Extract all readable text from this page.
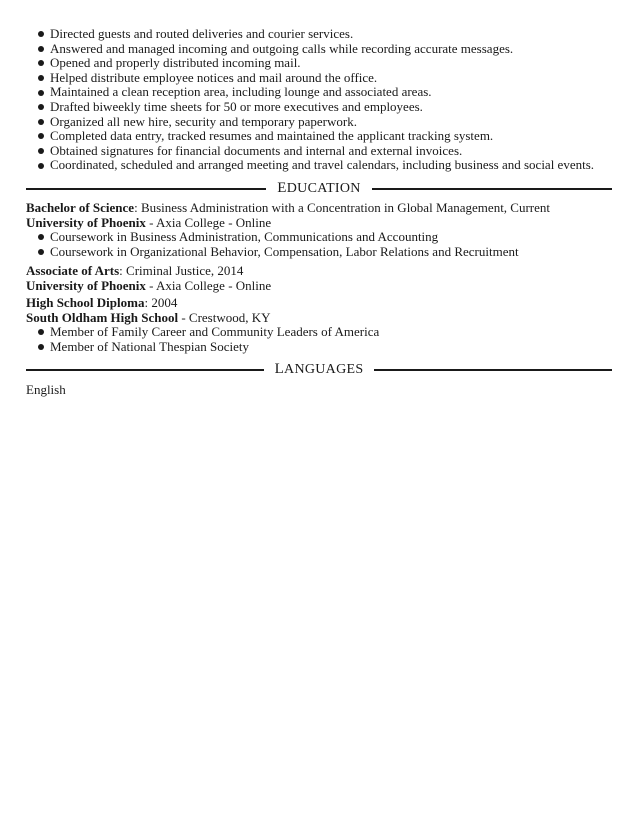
Directed guests and routed deliveries and courier services.
Answered and managed incoming and outgoing calls while recording accurate messages.
Opened and properly distributed incoming mail.
Helped distribute employee notices and mail around the office.
Maintained a clean reception area, including lounge and associated areas.
Drafted biweekly time sheets for 50 or more executives and employees.
Organized all new hire, security and temporary paperwork.
Completed data entry, tracked resumes and maintained the applicant tracking system.
Obtained signatures for financial documents and internal and external invoices.
Coordinated, scheduled and arranged meeting and travel calendars, including business and social events.
EDUCATION
Bachelor of Science: Business Administration with a Concentration in Global Management, Current
University of Phoenix - Axia College - Online
Coursework in Business Administration, Communications and Accounting
Coursework in Organizational Behavior, Compensation, Labor Relations and Recruitment
Associate of Arts: Criminal Justice, 2014
University of Phoenix - Axia College - Online
High School Diploma: 2004
South Oldham High School - Crestwood, KY
Member of Family Career and Community Leaders of America
Member of National Thespian Society
LANGUAGES
English
